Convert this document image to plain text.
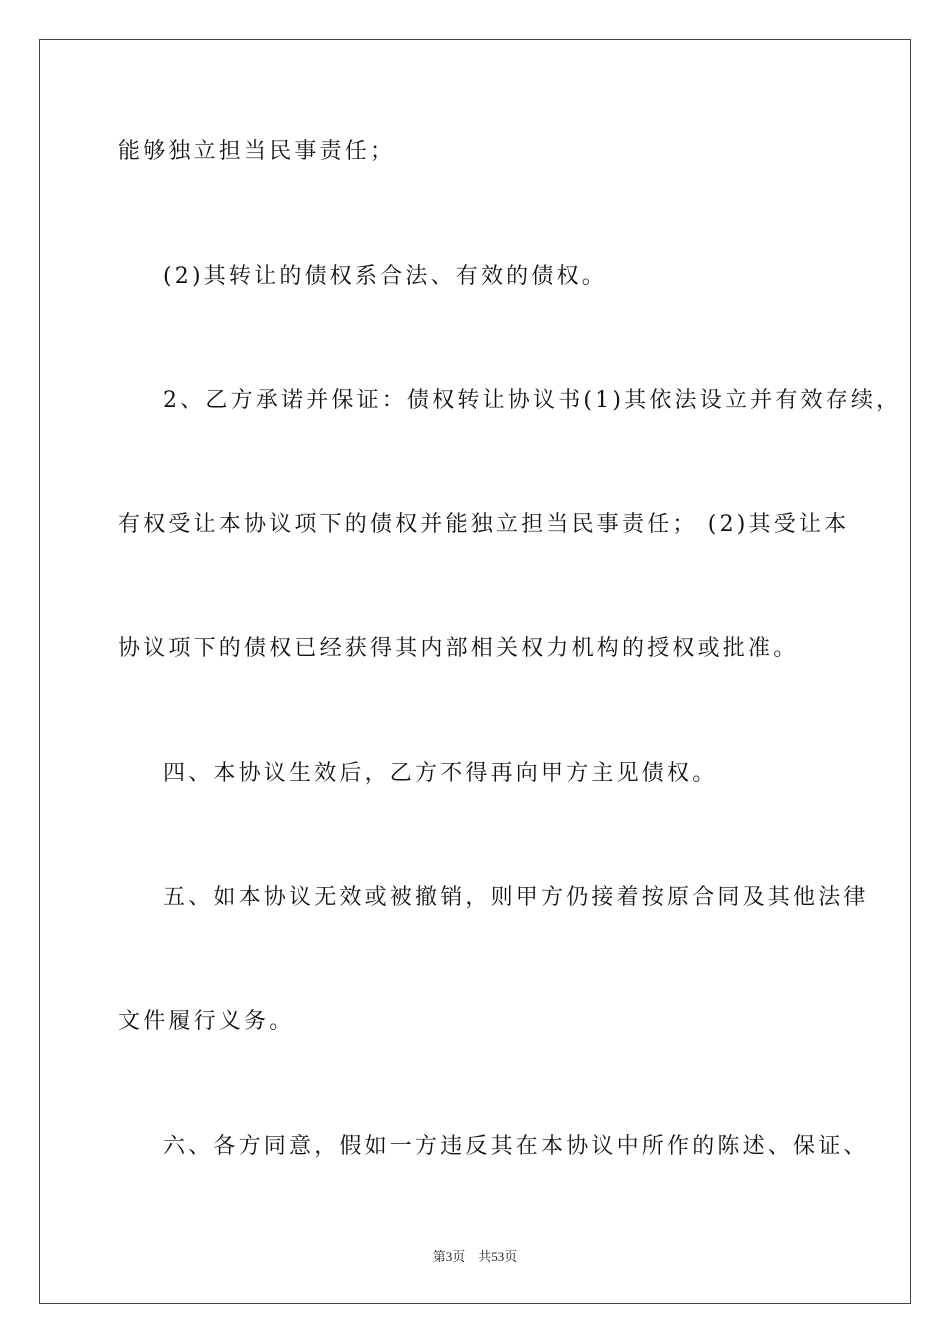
能够独立担当民事责任；
(2)其转让的债权系合法、有效的债权。
2、乙方承诺并保证：债权转让协议书(1)其依法设立并有效存续，
有权受让本协议项下的债权并能独立担当民事责任； (2)其受让本
协议项下的债权已经获得其内部相关权力机构的授权或批准。
四、本协议生效后，乙方不得再向甲方主见债权。
五、如本协议无效或被撤销，则甲方仍接着按原合同及其他法律
文件履行义务。
六、各方同意，假如一方违反其在本协议中所作的陈述、保证、
第3页 共53页
